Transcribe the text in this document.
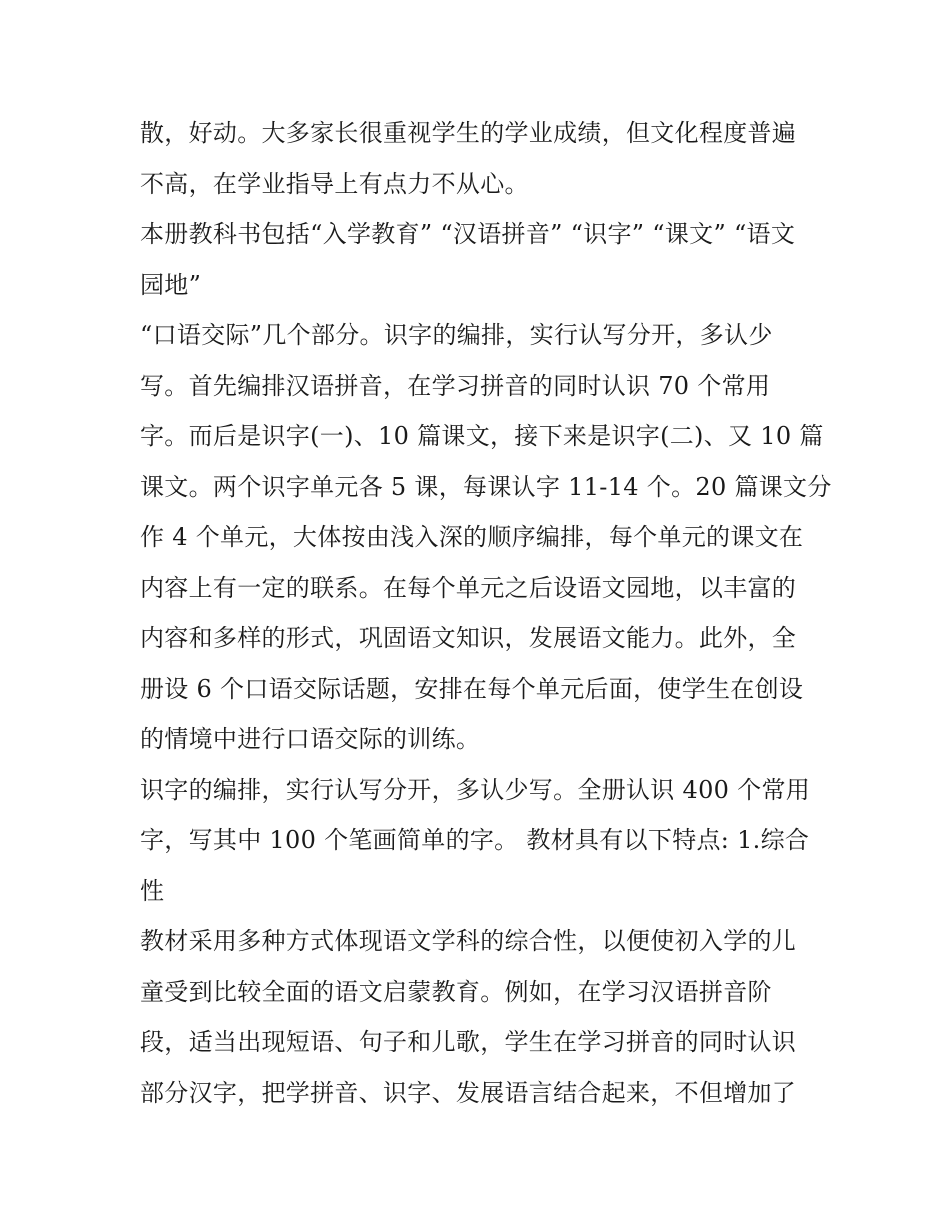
散，好动。大多家长很重视学生的学业成绩，但文化程度普遍
不高，在学业指导上有点力不从心。
本册教科书包括“入学教育” “汉语拼音” “识字” “课文” “语文
园地”
“口语交际”几个部分。识字的编排，实行认写分开，多认少
写。首先编排汉语拼音，在学习拼音的同时认识 70 个常用
字。而后是识字(一)、10 篇课文，接下来是识字(二)、又 10 篇
课文。两个识字单元各 5 课，每课认字 11-14 个。20 篇课文分
作 4 个单元，大体按由浅入深的顺序编排，每个单元的课文在
内容上有一定的联系。在每个单元之后设语文园地，以丰富的
内容和多样的形式，巩固语文知识，发展语文能力。此外，全
册设 6 个口语交际话题，安排在每个单元后面，使学生在创设
的情境中进行口语交际的训练。
识字的编排，实行认写分开，多认少写。全册认识 400 个常用
字，写其中 100 个笔画简单的字。 教材具有以下特点: 1.综合
性
教材采用多种方式体现语文学科的综合性，以便使初入学的儿
童受到比较全面的语文启蒙教育。例如，在学习汉语拼音阶
段，适当出现短语、句子和儿歌，学生在学习拼音的同时认识
部分汉字，把学拼音、识字、发展语言结合起来，不但增加了
